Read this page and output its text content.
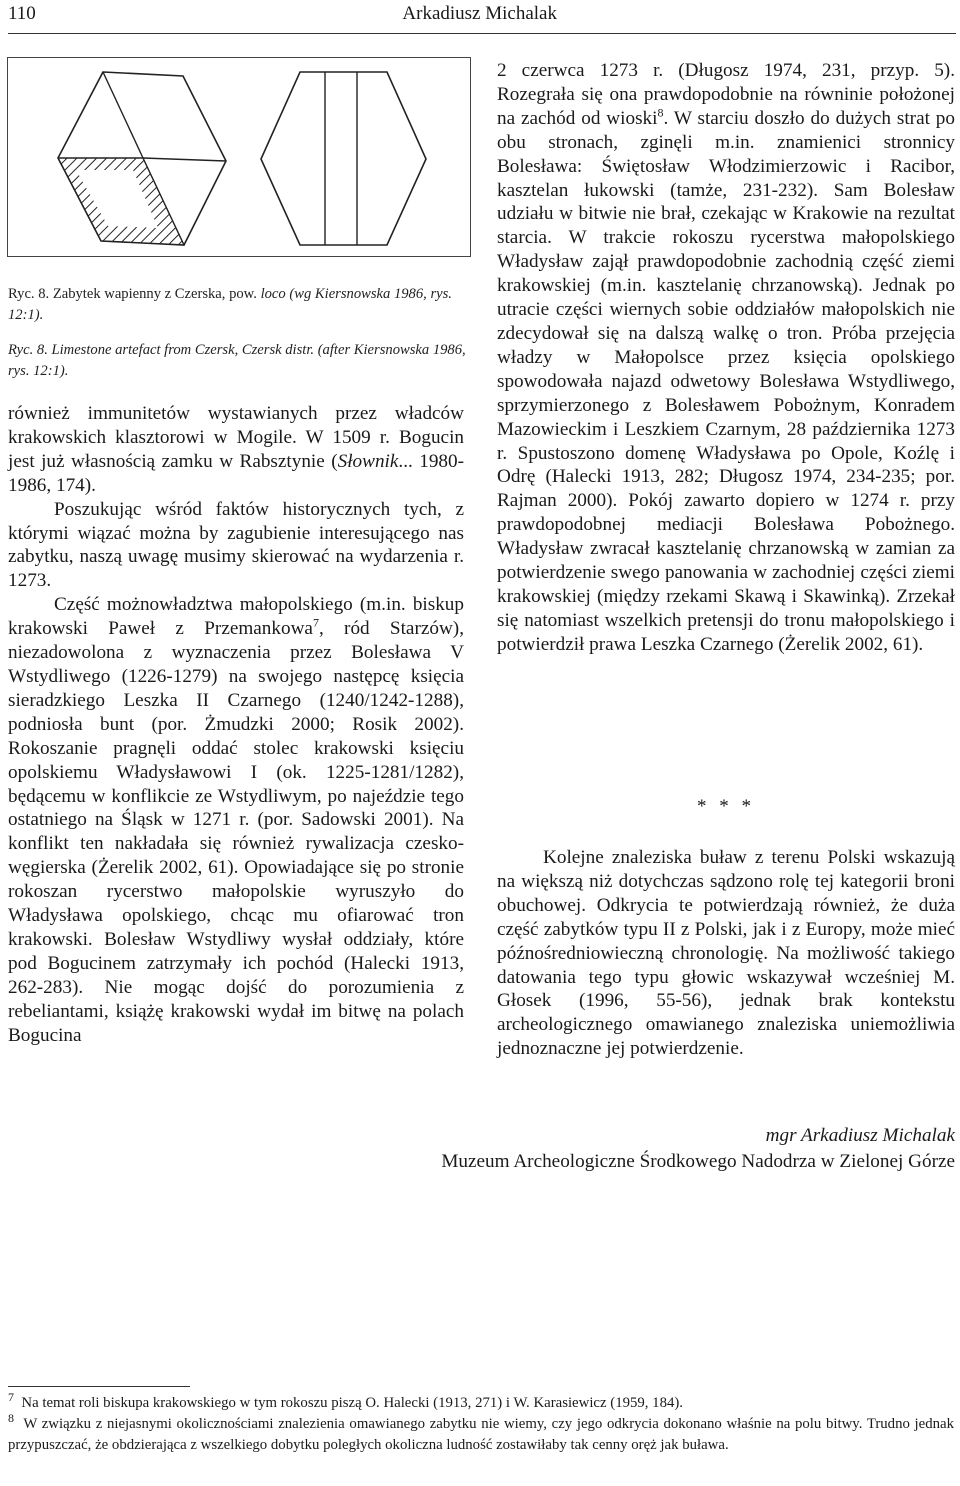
110	Arkadiusz Michalak
Ryc. 8. Zabytek wapienny z Czerska, pow. loco (wg Kiersnowska 1986, rys. 12:1).
Ryc. 8. Limestone artefact from Czersk, Czersk distr. (after Kiersnowska 1986, rys. 12:1).

również immunitetów wystawianych przez władców krakowskich klasztorowi w Mogile. W 1509 r. Bogucin jest już własnością zamku w Rabsztynie (Słownik... 1980-1986, 174).

Poszukując wśród faktów historycznych tych, z którymi wiązać można by zagubienie interesującego nas zabytku, naszą uwagę musimy skierować na wydarzenia r. 1273.

Część możnowładztwa małopolskiego (m.in. biskup krakowski Paweł z Przemankowa$^7$, ród Starzów), niezadowolona z wyznaczenia przez Bolesława V Wstydliwego (1226-1279) na swojego następcę księcia sieradzkiego Leszka II Czarnego (1240/1242-1288), podniosła bunt (por. Żmudzki 2000; Rosik 2002). Rokoszanie pragnęli oddać stolec krakowski księciu opolskiemu Władysławowi I (ok. 1225-1281/1282), będącemu w konflikcie ze Wstydliwym, po najeździe tego ostatniego na Śląsk w 1271 r. (por. Sadowski 2001). Na konflikt ten nakładała się również rywalizacja czesko-węgierska (Żerelik 2002, 61). Opowiadające się po stronie rokoszan rycerstwo małopolskie wyruszyło do Władysława opolskiego, chcąc mu ofiarować tron krakowski. Bolesław Wstydliwy wysłał oddziały, które pod Bogucinem zatrzymały ich pochód (Halecki 1913, 262-283). Nie mogąc dojść do porozumienia z rebeliantami, książę krakowski wydał im bitwę na polach Bogucina

2 czerwca 1273 r. (Długosz 1974, 231, przyp. 5). Rozegrała się ona prawdopodobnie na równinie położonej na zachód od wioski$^8$. W starciu doszło do dużych strat po obu stronach, zginęli m.in. znamienici stronnicy Bolesława: Świętosław Włodzimierzowic i Racibor, kasztelan łukowski (tamże, 231-232). Sam Bolesław udziału w bitwie nie brał, czekając w Krakowie na rezultat starcia. W trakcie rokoszu rycerstwa małopolskiego Władysław zajął prawdopodobnie zachodnią część ziemi krakowskiej (m.in. kasztelanię chrzanowską). Jednak po utracie części wiernych sobie oddziałów małopolskich nie zdecydował się na dalszą walkę o tron. Próba przejęcia władzy w Małopolsce przez księcia opolskiego spowodowała najazd odwetowy Bolesława Wstydliwego, sprzymierzonego z Bolesławem Pobożnym, Konradem Mazowieckim i Leszkiem Czarnym, 28 października 1273 r. Spustoszono domenę Władysława po Opole, Koźlę i Odrę (Halecki 1913, 282; Długosz 1974, 234-235; por. Rajman 2000). Pokój zawarto dopiero w 1274 r. przy prawdopodobnej mediacji Bolesława Pobożnego. Władysław zwracał kasztelanię chrzanowską w zamian za potwierdzenie swego panowania w zachodniej części ziemi krakowskiej (między rzekami Skawą i Skawinką). Zrzekał się natomiast wszelkich pretensji do tronu małopolskiego i potwierdził prawa Leszka Czarnego (Żerelik 2002, 61).

* * *

Kolejne znaleziska buław z terenu Polski wskazują na większą niż dotychczas sądzono rolę tej kategorii broni obuchowej. Odkrycia te potwierdzają również, że duża część zabytków typu II z Polski, jak i z Europy, może mieć późnośredniowieczną chronologię. Na możliwość takiego datowania tego typu głowic wskazywał wcześniej M. Głosek (1996, 55-56), jednak brak kontekstu archeologicznego omawianego znaleziska uniemożliwia jednoznaczne jej potwierdzenie.

mgr Arkadiusz Michalak
Muzeum Archeologiczne Środkowego Nadodrza w Zielonej Górze

$^7$ Na temat roli biskupa krakowskiego w tym rokoszu piszą O. Halecki (1913, 271) i W. Karasiewicz (1959, 184).

$^8$ W związku z niejasnymi okolicznościami znalezienia omawianego zabytku nie wiemy, czy jego odkrycia dokonano właśnie na polu bitwy. Trudno jednak przypuszczać, że obdzierająca z wszelkiego dobytku poległych okoliczna ludność zostawiłaby tak cenny oręż jak buława.
